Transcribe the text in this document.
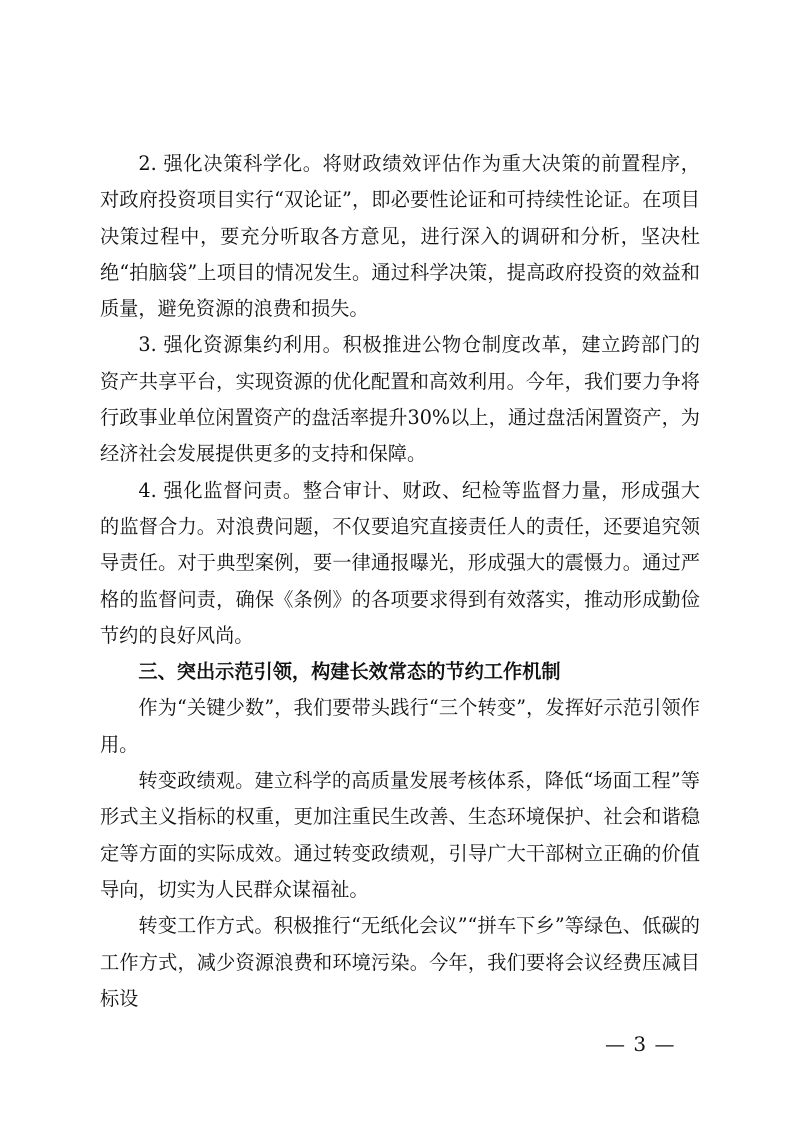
2. 强化决策科学化。将财政绩效评估作为重大决策的前置程序，对政府投资项目实行“双论证”，即必要性论证和可持续性论证。在项目决策过程中，要充分听取各方意见，进行深入的调研和分析，坚决杜绝“拍脑袋”上项目的情况发生。通过科学决策，提高政府投资的效益和质量，避免资源的浪费和损失。

3. 强化资源集约利用。积极推进公物仓制度改革，建立跨部门的资产共享平台，实现资源的优化配置和高效利用。今年，我们要力争将行政事业单位闲置资产的盘活率提升30%以上，通过盘活闲置资产，为经济社会发展提供更多的支持和保障。

4. 强化监督问责。整合审计、财政、纪检等监督力量，形成强大的监督合力。对浪费问题，不仅要追究直接责任人的责任，还要追究领导责任。对于典型案例，要一律通报曝光，形成强大的震慑力。通过严格的监督问责，确保《条例》的各项要求得到有效落实，推动形成勤俭节约的良好风尚。

三、突出示范引领，构建长效常态的节约工作机制

作为“关键少数”，我们要带头践行“三个转变”，发挥好示范引领作用。

转变政绩观。建立科学的高质量发展考核体系，降低“场面工程”等形式主义指标的权重，更加注重民生改善、生态环境保护、社会和谐稳定等方面的实际成效。通过转变政绩观，引导广大干部树立正确的价值导向，切实为人民群众谋福祉。

转变工作方式。积极推行“无纸化会议”“拼车下乡”等绿色、低碳的工作方式，减少资源浪费和环境污染。今年，我们要将会议经费压减目标设

— 3 —
